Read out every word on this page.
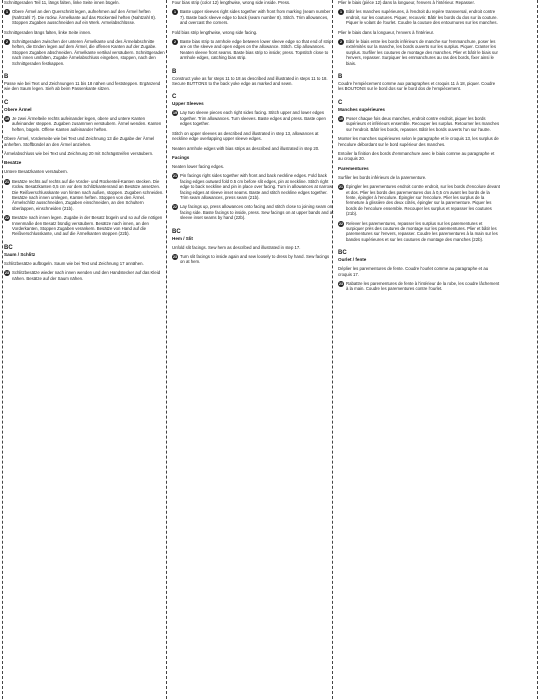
Schnittgeraden Teil 11, längs falten, linke Seite innen bügeln.
1 Obere Ärmel an den Querschnitt legen, aufnehmen auf den Ärmel heften (Nahtzahl 7). Die rückw. Ärmelkante auf das Rückenteil heften (Nahtzahl 8). Stoppen Zugaben ausschneiden auf ein Werk. Armelabschlüsse.
Schnittgeraden längs falten, linke Seite innen.
2 Schnittgeraden zwischen der unteren Ärmelkante und des Ärmelabschnitte heften, die Enden legen auf dem Ärmel, die offenen Kanten auf der Zugabe. Stoppen Zugaben abschneiden. Ärmelkante vertikal versäubern. Schnittgeraden nach innen umfalten, Zugabe Ärmelabschluss eingeben, stoppen, nach den Schnittgeraden festkappen.
B
Passe wie bei Text und Zeichnungen 11 bis 18 nähen und feststeppen. Ergänzend wie den Saum legen. Sieh ab beim Passenkante sitzen.
C
Obere Ärmel
19 Je zwei Ärmelteile rechts aufeinander legen, obere und untere Kanten aufeinander steppen. Zugaben zusammen versäubern. Ärmel wenden. Kanten heften, bügeln. Offene Kanten aufeinander heften.
Obere Ärmel, Vorderseite wie bei Text und Zeichnung 13 die Zugabe der Ärmel anheften. Stoffbündel an den Ärmel anziehen.
Ärmelabschluss wie bei Text und Zeichnung 20 mit Schrägstreifen versäubern.
Besätze
Untere Besatzkanten versäubern.
21 Besätze rechts auf rechts auf die Vorder- und Rückenteil-Kanten stecken. Die rückw. Besatzkanten 0,5 cm vor dem Schlitzkantenrand an Besätze ansetzen. Die Reißverschlusskante von hinten nach außen, stoppen. Zugaben schneiden. Besätze nach innen umlegen, Kanten heften. Stoppen von den Ärmel. Ärmelschlitz ausschneiden, Zugaben einschneiden, an den Schultern überlappen, einschneiden (21b).
22 Besätze nach innen legen. Zugabe in der Besatz bügeln und so auf die nötigen Innenmaße den Besatz bündig versäubern. Besätze nach innen, an den Vorderkanten, Stoppen Zugaben verankern. Besätze von Hand auf die Reißverschlusskante, und auf die Ärmelkanten steppen (22b).
BC
Saum / Schlitz
Schlitzbesätze aufbügeln. Saum wie bei Text und Zeichnung 17 annähen.
23 Schlitzbesätze wieder nach innen wenden und den Handstecker auf das Kleid nähen. Besätze auf der Saum nähen.
Four bias strip (color 12) lengthwise, wrong side inside. Press.
1 Baste upper sleeves right sides together with front from marking (seam number 7). Baste back sleeve edge to back (seam number 8). Stitch. Trim allowances, and overcast the corners.
Fold bias strip lengthwise, wrong side facing.
2 Baste bias strip to armhole edge between lower sleeve edge so that end of strip are on the sleeve and open edges on the allowance. Stitch. Clip allowances. Neaten sleeve front seams. Baste bias strip to inside; press. Topstitch close to armhole edges, catching bias strip.
B
Construct yoke as for steps 11 to 18 as described and illustrated in steps 11 to 18. Secure BUTTONS to the back yoke edge as marked and sewn.
C
Upper Sleeves
19 Lay two sleeve pieces each right sides facing. Stitch upper and lower edges together. Trim allowances. Turn sleeves. Baste edges and press. Baste open edges together.
Stitch on upper sleeves as described and illustrated in step 13, allowances at neckline edge overlapping upper sleeve edges.
Neaten armhole edges with bias strips as described and illustrated in step 20.
Facings
Neaten lower facing edges.
21 Pin facings right sides together with front and back neckline edges. Fold back facing edges outward fold 0.5 cm before slit edges, pin at neckline. Stitch right edge to back neckline and pin in place over facing. Turn in allowances at narrow facing edges at sleeve inset seams. Baste and stitch neckline edges together. Trim seam allowances, press seam (21b).
22 Lay facings up, press allowances onto facing and stitch close to joining seam on facing side. Baste facings to inside, press. Sew facings on at upper bands and at sleeve inset seams by hand (22b).
BC
Hem / Slit
Unfold slit facings. Sew hem as described and illustrated in step 17.
23 Turn slit facings to inside again and sew loosely to dress by hand. Sew facings on at hem.
Plier le biais (pièce 12) dans la longueur, l'envers à l'intérieur. Repasser.
1 Bâtir les manches supérieures, à l'endroit du repère transversal, endroit contre endroit, sur les coutures. Piquer, recouvrir. Bâtir les bords du dos sur la couture. Piquer le volant de l'ourlet. Coudre la couture des entournures sur les manches.
Plier le biais dans la longueur, l'envers à l'intérieur.
2 Bâtir le biais entre les bords inférieurs de manche sur l'emmanchure, poser les extrémités sur la manche, les bords ouverts sur les surplus. Piquer. Cranter les surplus. Surfiler les coutures de montage des manches. Plier et bâtir le biais sur l'envers, repasser. Surpiquer les emmanchures au ras des bords, fixer ainsi le biais.
B
Coudre l'empiècement comme aux paragraphes et croquis 11 à 18, piquer. Coudre les BOUTONS sur le bord dos sur le bord dos de l'empiècement.
C
Manches supérieures
19 Poser chaque fois deux manches, endroit contre endroit, piquer les bords supérieurs et inférieurs ensemble. Recouper les surplus. Retourner les manches sur l'endroit. Bâtir les bords, repasser. Bâtir les bords ouverts l'un sur l'autre.
Monter les manches supérieures selon le paragraphe et le croquis 13, les surplus de l'encolure débordant sur le bord supérieur des manches.
Entoiler la finition des bords d'emmanchure avec le biais comme au paragraphe et au croquis 20.
Parementures
Surfiler les bords inférieurs de la parementure.
21 Épingler les parementures endroit contre endroit, sur les bords d'encolure devant et dos. Plier les bords des parementures dos à 0,5 cm avant les bords de la fente, épingler à l'encolure. Épingler sur l'encolure. Plier les surplus de la fermeture à glissière des deux côtés, épingler sur la parementure. Piquer les bords de l'encolure ensemble. Recouper les surplus et repasser les coutures (21b).
22 Relever les parementures, repasser les surplus sur les parementures et surpiquer près des coutures de montage sur les parementures. Plier et bâtir les parementures sur l'envers, repasser. Coudre les parementures à la main sur les bandes supérieures et sur les coutures de montage des manches (22b).
BC
Ourlet / fente
Déplier les parementures de fente. Coudre l'ourlet comme au paragraphe et au croquis 17.
23 Rabattre les parementures de fente à l'intérieur de la robe, les coudre lâchement à la main. Coudre les parementures contre l'ourlet.
